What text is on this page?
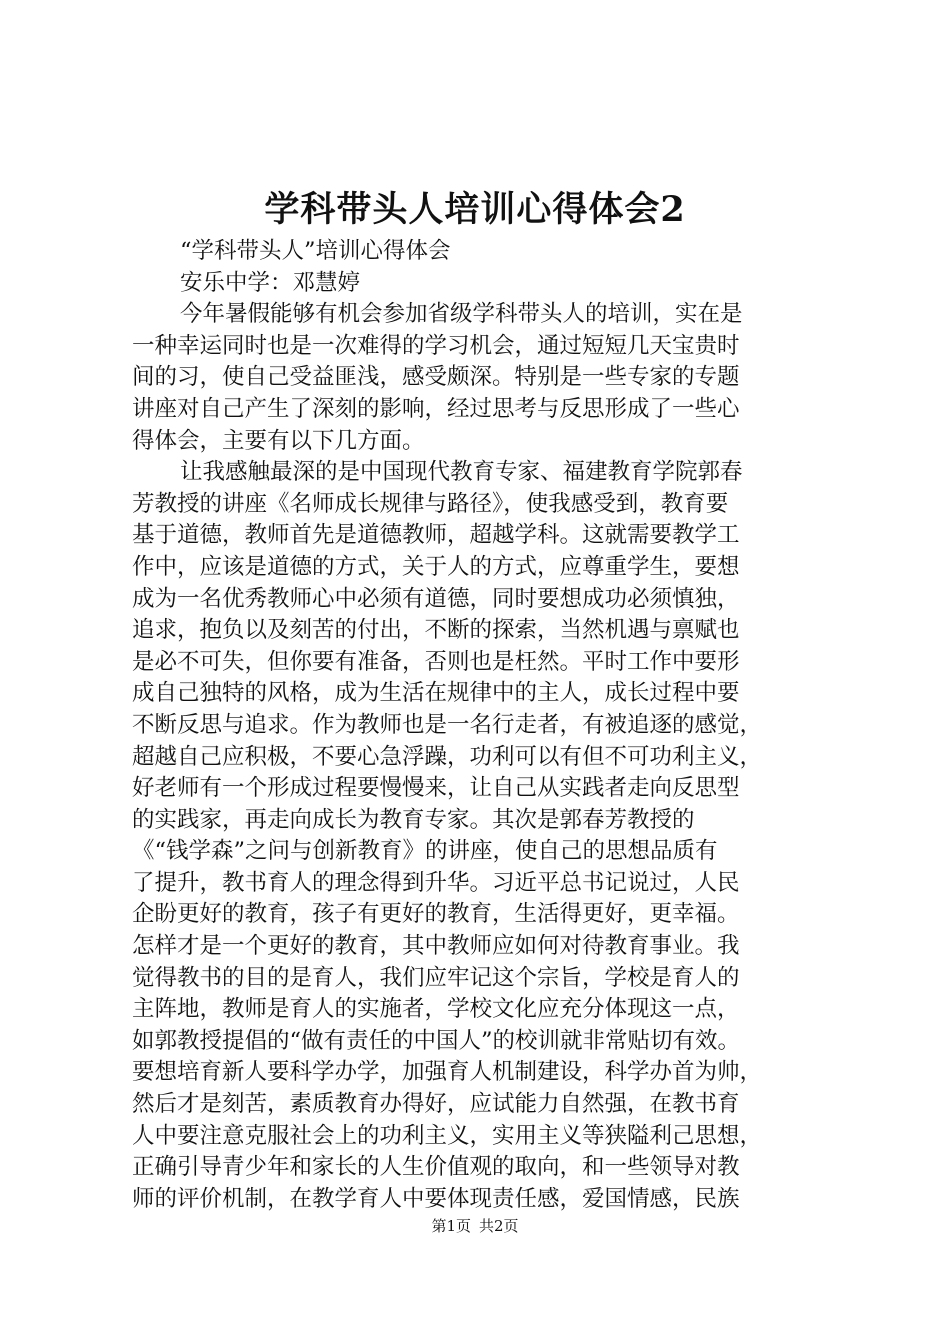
学科带头人培训心得体会2
“学科带头人”培训心得体会
安乐中学：邓慧婷
今年暑假能够有机会参加省级学科带头人的培训，实在是
一种幸运同时也是一次难得的学习机会，通过短短几天宝贵时
间的习，使自己受益匪浅，感受颇深。特别是一些专家的专题
讲座对自己产生了深刻的影响，经过思考与反思形成了一些心
得体会，主要有以下几方面。
让我感触最深的是中国现代教育专家、福建教育学院郭春
芳教授的讲座《名师成长规律与路径》，使我感受到，教育要
基于道德，教师首先是道德教师，超越学科。这就需要教学工
作中，应该是道德的方式，关于人的方式，应尊重学生，要想
成为一名优秀教师心中必须有道德，同时要想成功必须慎独，
追求，抱负以及刻苦的付出，不断的探索，当然机遇与禀赋也
是必不可失，但你要有准备，否则也是枉然。平时工作中要形
成自己独特的风格，成为生活在规律中的主人，成长过程中要
不断反思与追求。作为教师也是一名行走者，有被追逐的感觉，
超越自己应积极，不要心急浮躁，功利可以有但不可功利主义，
好老师有一个形成过程要慢慢来，让自己从实践者走向反思型
的实践家，再走向成长为教育专家。其次是郭春芳教授的
《“钱学森”之问与创新教育》的讲座，使自己的思想品质有
了提升，教书育人的理念得到升华。习近平总书记说过，人民
企盼更好的教育，孩子有更好的教育，生活得更好，更幸福。
怎样才是一个更好的教育，其中教师应如何对待教育事业。我
觉得教书的目的是育人，我们应牢记这个宗旨，学校是育人的
主阵地，教师是育人的实施者，学校文化应充分体现这一点，
如郭教授提倡的“做有责任的中国人”的校训就非常贴切有效。
要想培育新人要科学办学，加强育人机制建设，科学办首为帅，
然后才是刻苦，素质教育办得好，应试能力自然强，在教书育
人中要注意克服社会上的功利主义，实用主义等狭隘利己思想，
正确引导青少年和家长的人生价值观的取向，和一些领导对教
师的评价机制，在教学育人中要体现责任感，爱国情感，民族
第1页 共2页
